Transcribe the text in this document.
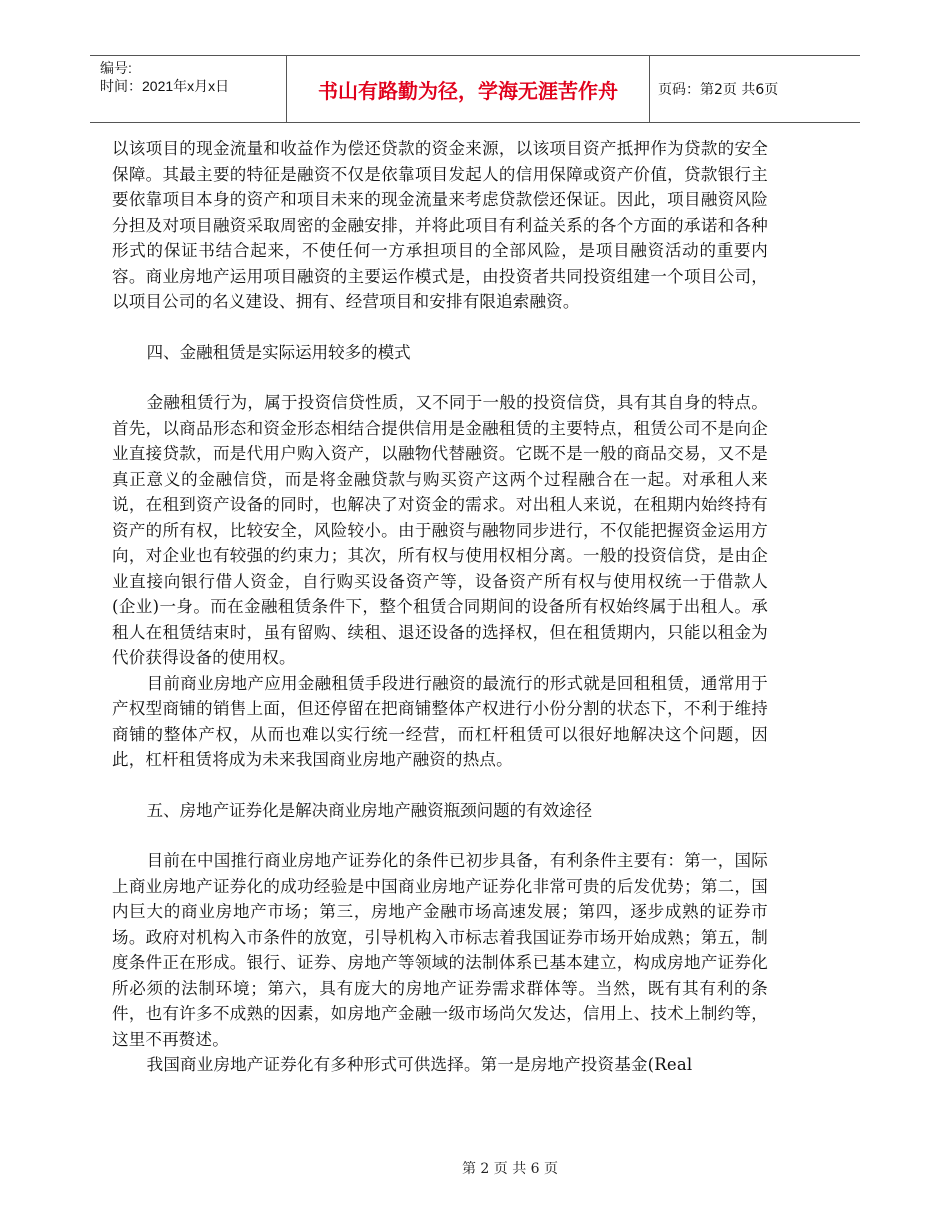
编号:
时间：2021年x月x日	书山有路勤为径，学海无涯苦作舟	页码：第2页 共6页

以该项目的现金流量和收益作为偿还贷款的资金来源，以该项目资产抵押作为贷款的安全保障。其最主要的特征是融资不仅是依靠项目发起人的信用保障或资产价值，贷款银行主要依靠项目本身的资产和项目未来的现金流量来考虑贷款偿还保证。因此，项目融资风险分担及对项目融资采取周密的金融安排，并将此项目有利益关系的各个方面的承诺和各种形式的保证书结合起来，不使任何一方承担项目的全部风险，是项目融资活动的重要内容。商业房地产运用项目融资的主要运作模式是，由投资者共同投资组建一个项目公司，以项目公司的名义建设、拥有、经营项目和安排有限追索融资。

四、金融租赁是实际运用较多的模式

金融租赁行为，属于投资信贷性质，又不同于一般的投资信贷，具有其自身的特点。首先，以商品形态和资金形态相结合提供信用是金融租赁的主要特点，租赁公司不是向企业直接贷款，而是代用户购入资产，以融物代替融资。它既不是一般的商品交易，又不是真正意义的金融信贷，而是将金融贷款与购买资产这两个过程融合在一起。对承租人来说，在租到资产设备的同时，也解决了对资金的需求。对出租人来说，在租期内始终持有资产的所有权，比较安全，风险较小。由于融资与融物同步进行，不仅能把握资金运用方向，对企业也有较强的约束力；其次，所有权与使用权相分离。一般的投资信贷，是由企业直接向银行借人资金，自行购买设备资产等，设备资产所有权与使用权统一于借款人(企业)一身。而在金融租赁条件下，整个租赁合同期间的设备所有权始终属于出租人。承租人在租赁结束时，虽有留购、续租、退还设备的选择权，但在租赁期内，只能以租金为代价获得设备的使用权。

目前商业房地产应用金融租赁手段进行融资的最流行的形式就是回租租赁，通常用于产权型商铺的销售上面，但还停留在把商铺整体产权进行小份分割的状态下，不利于维持商铺的整体产权，从而也难以实行统一经营，而杠杆租赁可以很好地解决这个问题，因此，杠杆租赁将成为未来我国商业房地产融资的热点。

五、房地产证券化是解决商业房地产融资瓶颈问题的有效途径

目前在中国推行商业房地产证券化的条件已初步具备，有利条件主要有：第一，国际上商业房地产证券化的成功经验是中国商业房地产证券化非常可贵的后发优势；第二，国内巨大的商业房地产市场；第三，房地产金融市场高速发展；第四，逐步成熟的证券市场。政府对机构入市条件的放宽，引导机构入市标志着我国证券市场开始成熟；第五，制度条件正在形成。银行、证券、房地产等领域的法制体系已基本建立，构成房地产证券化所必须的法制环境；第六，具有庞大的房地产证券需求群体等。当然，既有其有利的条件，也有许多不成熟的因素，如房地产金融一级市场尚欠发达，信用上、技术上制约等，这里不再赘述。

我国商业房地产证券化有多种形式可供选择。第一是房地产投资基金(Real

第 2 页 共 6 页
